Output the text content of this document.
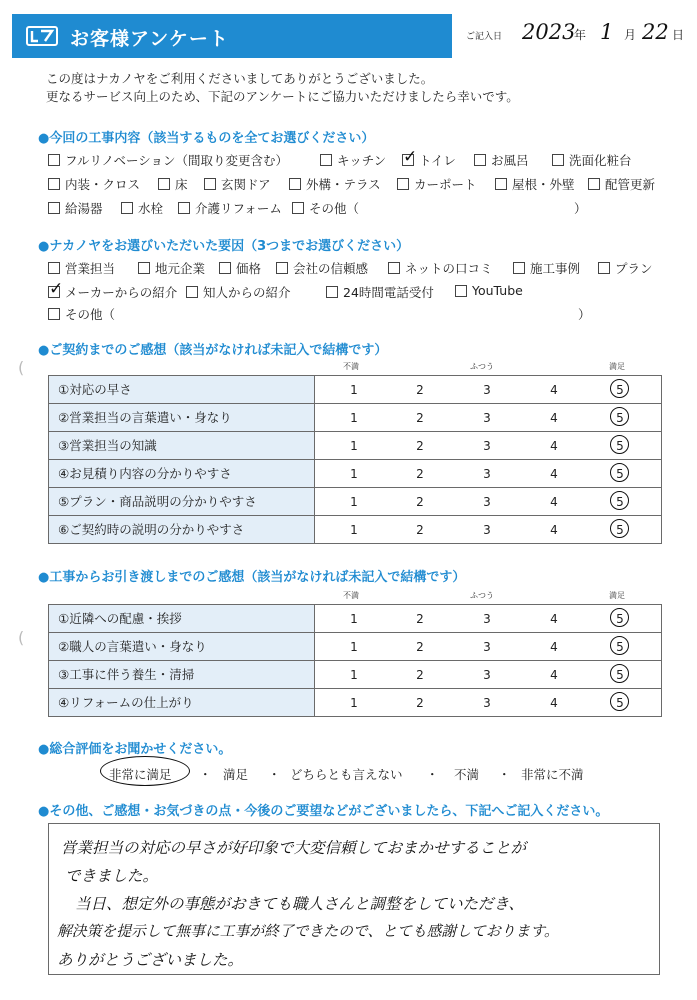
お客様アンケート	ご記入日 2023
年 1 月 22 日
この度はナカノヤをご利用くださいましてありがとうございました。
更なるサービス向上のため、下記のアンケートにご協力いただけましたら幸いです。
●今回の工事内容（該当するものを全てお選びください）
フルリノベーション（間取り変更含む）	キッチン ✓ トイレ	お風呂	洗面化粧台
内装・クロス	床	玄関ドア	外構・テラス	カーポート	屋根・外壁 配管更新
給湯器	水栓	介護リフォーム その他（	）
●ナカノヤをお選びいただいた要因（3つまでお選びください）
営業担当	地元企業 価格	会社の信頼感	ネットの口コミ	施工事例	プラン
✓ メーカーからの紹介 知人からの紹介	24時間電話受付	YouTube
その他（	）
●ご契約までのご感想（該当がなければ未記入で結構です）
(	不満	ふつう	満足
①対応の早さ	1	2	3	4	5
②営業担当の言葉遣い・身なり	1	2	3	4	5
③営業担当の知識	1	2	3	4	5
④お見積り内容の分かりやすさ	1	2	3	4	5
⑤プラン・商品説明の分かりやすさ	1	2	3	4	5
⑥ご契約時の説明の分かりやすさ	1	2	3	4	5
●工事からお引き渡しまでのご感想（該当がなければ未記入で結構です）
(
不満	ふつう	満足
①近隣への配慮・挨拶	1	2	3	4	5
②職人の言葉遣い・身なり	1	2	3	4	5
③工事に伴う養生・清掃	1	2	3	4	5
④リフォームの仕上がり	1	2	3	4	5
●総合評価をお聞かせください。
非常に満足 ・ 満足 ・ どちらとも言えない ・ 不満 ・ 非常に不満
●その他、ご感想・お気づきの点・今後のご要望などがございましたら、下記へご記入ください。
営業担当の対応の早さが好印象で大変信頼しておまかせすることが
できました。
当日、想定外の事態がおきても職人さんと調整をしていただき、
解決策を提示して無事に工事が終了できたので、とても感謝しております。
ありがとうございました。
